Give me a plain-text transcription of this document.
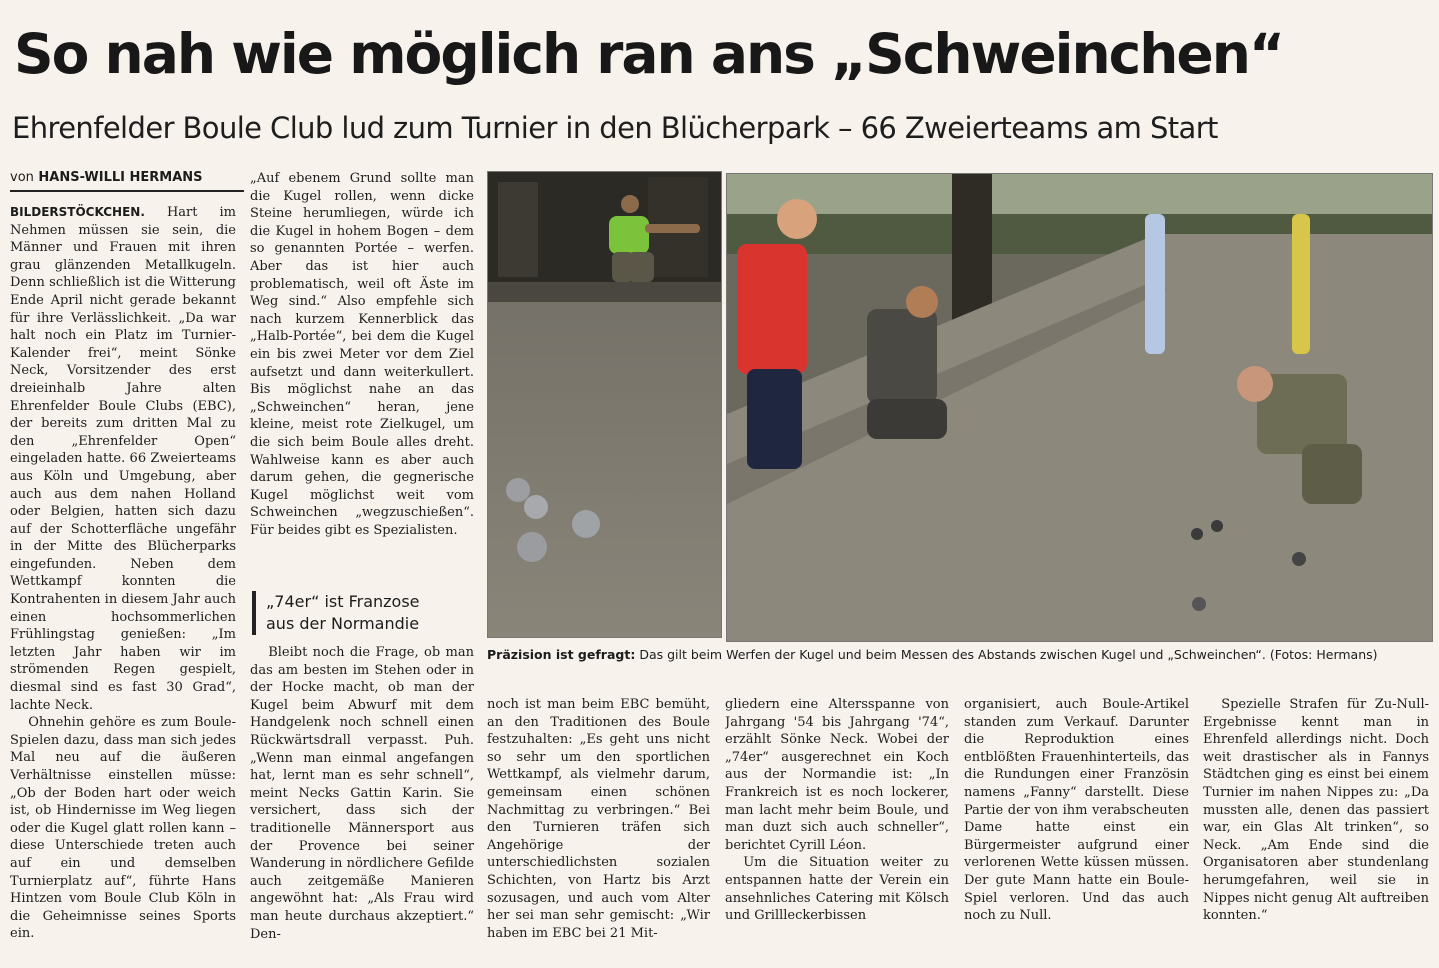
So nah wie möglich ran ans „Schweinchen“
Ehrenfelder Boule Club lud zum Turnier in den Blücherpark – 66 Zweierteams am Start
von HANS-WILLI HERMANS

BILDERSTÖCKCHEN. Hart im Nehmen müssen sie sein, die Männer und Frauen mit ihren grau glänzenden Metallkugeln. Denn schließlich ist die Witterung Ende April nicht gerade bekannt für ihre Verlässlichkeit. „Da war halt noch ein Platz im Turnier-Kalender frei“, meint Sönke Neck, Vorsitzender des erst dreieinhalb Jahre alten Ehrenfelder Boule Clubs (EBC), der bereits zum dritten Mal zu den „Ehrenfelder Open“ eingeladen hatte. 66 Zweierteams aus Köln und Umgebung, aber auch aus dem nahen Holland oder Belgien, hatten sich dazu auf der Schotterfläche ungefähr in der Mitte des Blücherparks eingefunden. Neben dem Wettkampf konnten die Kontrahenten in diesem Jahr auch einen hochsommerlichen Frühlingstag genießen: „Im letzten Jahr haben wir im strömenden Regen gespielt, diesmal sind es fast 30 Grad“, lachte Neck.

Ohnehin gehöre es zum Boule-Spielen dazu, dass man sich jedes Mal neu auf die äußeren Verhältnisse einstellen müsse: „Ob der Boden hart oder weich ist, ob Hindernisse im Weg liegen oder die Kugel glatt rollen kann – diese Unterschiede treten auch auf ein und demselben Turnierplatz auf“, führte Hans Hintzen vom Boule Club Köln in die Geheimnisse seines Sports ein.

„Auf ebenem Grund sollte man die Kugel rollen, wenn dicke Steine herumliegen, würde ich die Kugel in hohem Bogen – dem so genannten Portée – werfen. Aber das ist hier auch problematisch, weil oft Äste im Weg sind.“ Also empfehle sich nach kurzem Kennerblick das „Halb-Portée“, bei dem die Kugel ein bis zwei Meter vor dem Ziel aufsetzt und dann weiterkullert. Bis möglichst nahe an das „Schweinchen“ heran, jene kleine, meist rote Zielkugel, um die sich beim Boule alles dreht. Wahlweise kann es aber auch darum gehen, die gegnerische Kugel möglichst weit vom Schweinchen „wegzuschießen“. Für beides gibt es Spezialisten.

„74er“ ist Franzose
aus der Normandie

Bleibt noch die Frage, ob man das am besten im Stehen oder in der Hocke macht, ob man der Kugel beim Abwurf mit dem Handgelenk noch schnell einen Rückwärtsdrall verpasst. Puh. „Wenn man einmal angefangen hat, lernt man es sehr schnell“, meint Necks Gattin Karin. Sie versichert, dass sich der traditionelle Männersport aus der Provence bei seiner Wanderung in nördlichere Gefilde auch zeitgemäße Manieren angewöhnt hat: „Als Frau wird man heute durchaus akzeptiert.“ Den-

Präzision ist gefragt: Das gilt beim Werfen der Kugel und beim Messen des Abstands zwischen Kugel und „Schweinchen“. (Fotos: Hermans)

noch ist man beim EBC bemüht, an den Traditionen des Boule festzuhalten: „Es geht uns nicht so sehr um den sportlichen Wettkampf, als vielmehr darum, gemeinsam einen schönen Nachmittag zu verbringen.“ Bei den Turnieren träfen sich Angehörige der unterschiedlichsten sozialen Schichten, von Hartz bis Arzt sozusagen, und auch vom Alter her sei man sehr gemischt: „Wir haben im EBC bei 21 Mit-

gliedern eine Altersspanne von Jahrgang '54 bis Jahrgang '74“, erzählt Sönke Neck. Wobei der „74er“ ausgerechnet ein Koch aus der Normandie ist: „In Frankreich ist es noch lockerer, man lacht mehr beim Boule, und man duzt sich auch schneller“, berichtet Cyrill Léon.

Um die Situation weiter zu entspannen hatte der Verein ein ansehnliches Catering mit Kölsch und Grillleckerbissen

organisiert, auch Boule-Artikel standen zum Verkauf. Darunter die Reproduktion eines entblößten Frauenhinterteils, das die Rundungen einer Französin namens „Fanny“ darstellt. Diese Partie der von ihm verabscheuten Dame hatte einst ein Bürgermeister aufgrund einer verlorenen Wette küssen müssen. Der gute Mann hatte ein Boule-Spiel verloren. Und das auch noch zu Null.

Spezielle Strafen für Zu-Null-Ergebnisse kennt man in Ehrenfeld allerdings nicht. Doch weit drastischer als in Fannys Städtchen ging es einst bei einem Turnier im nahen Nippes zu: „Da mussten alle, denen das passiert war, ein Glas Alt trinken“, so Neck. „Am Ende sind die Organisatoren aber stundenlang herumgefahren, weil sie in Nippes nicht genug Alt auftreiben konnten.“
